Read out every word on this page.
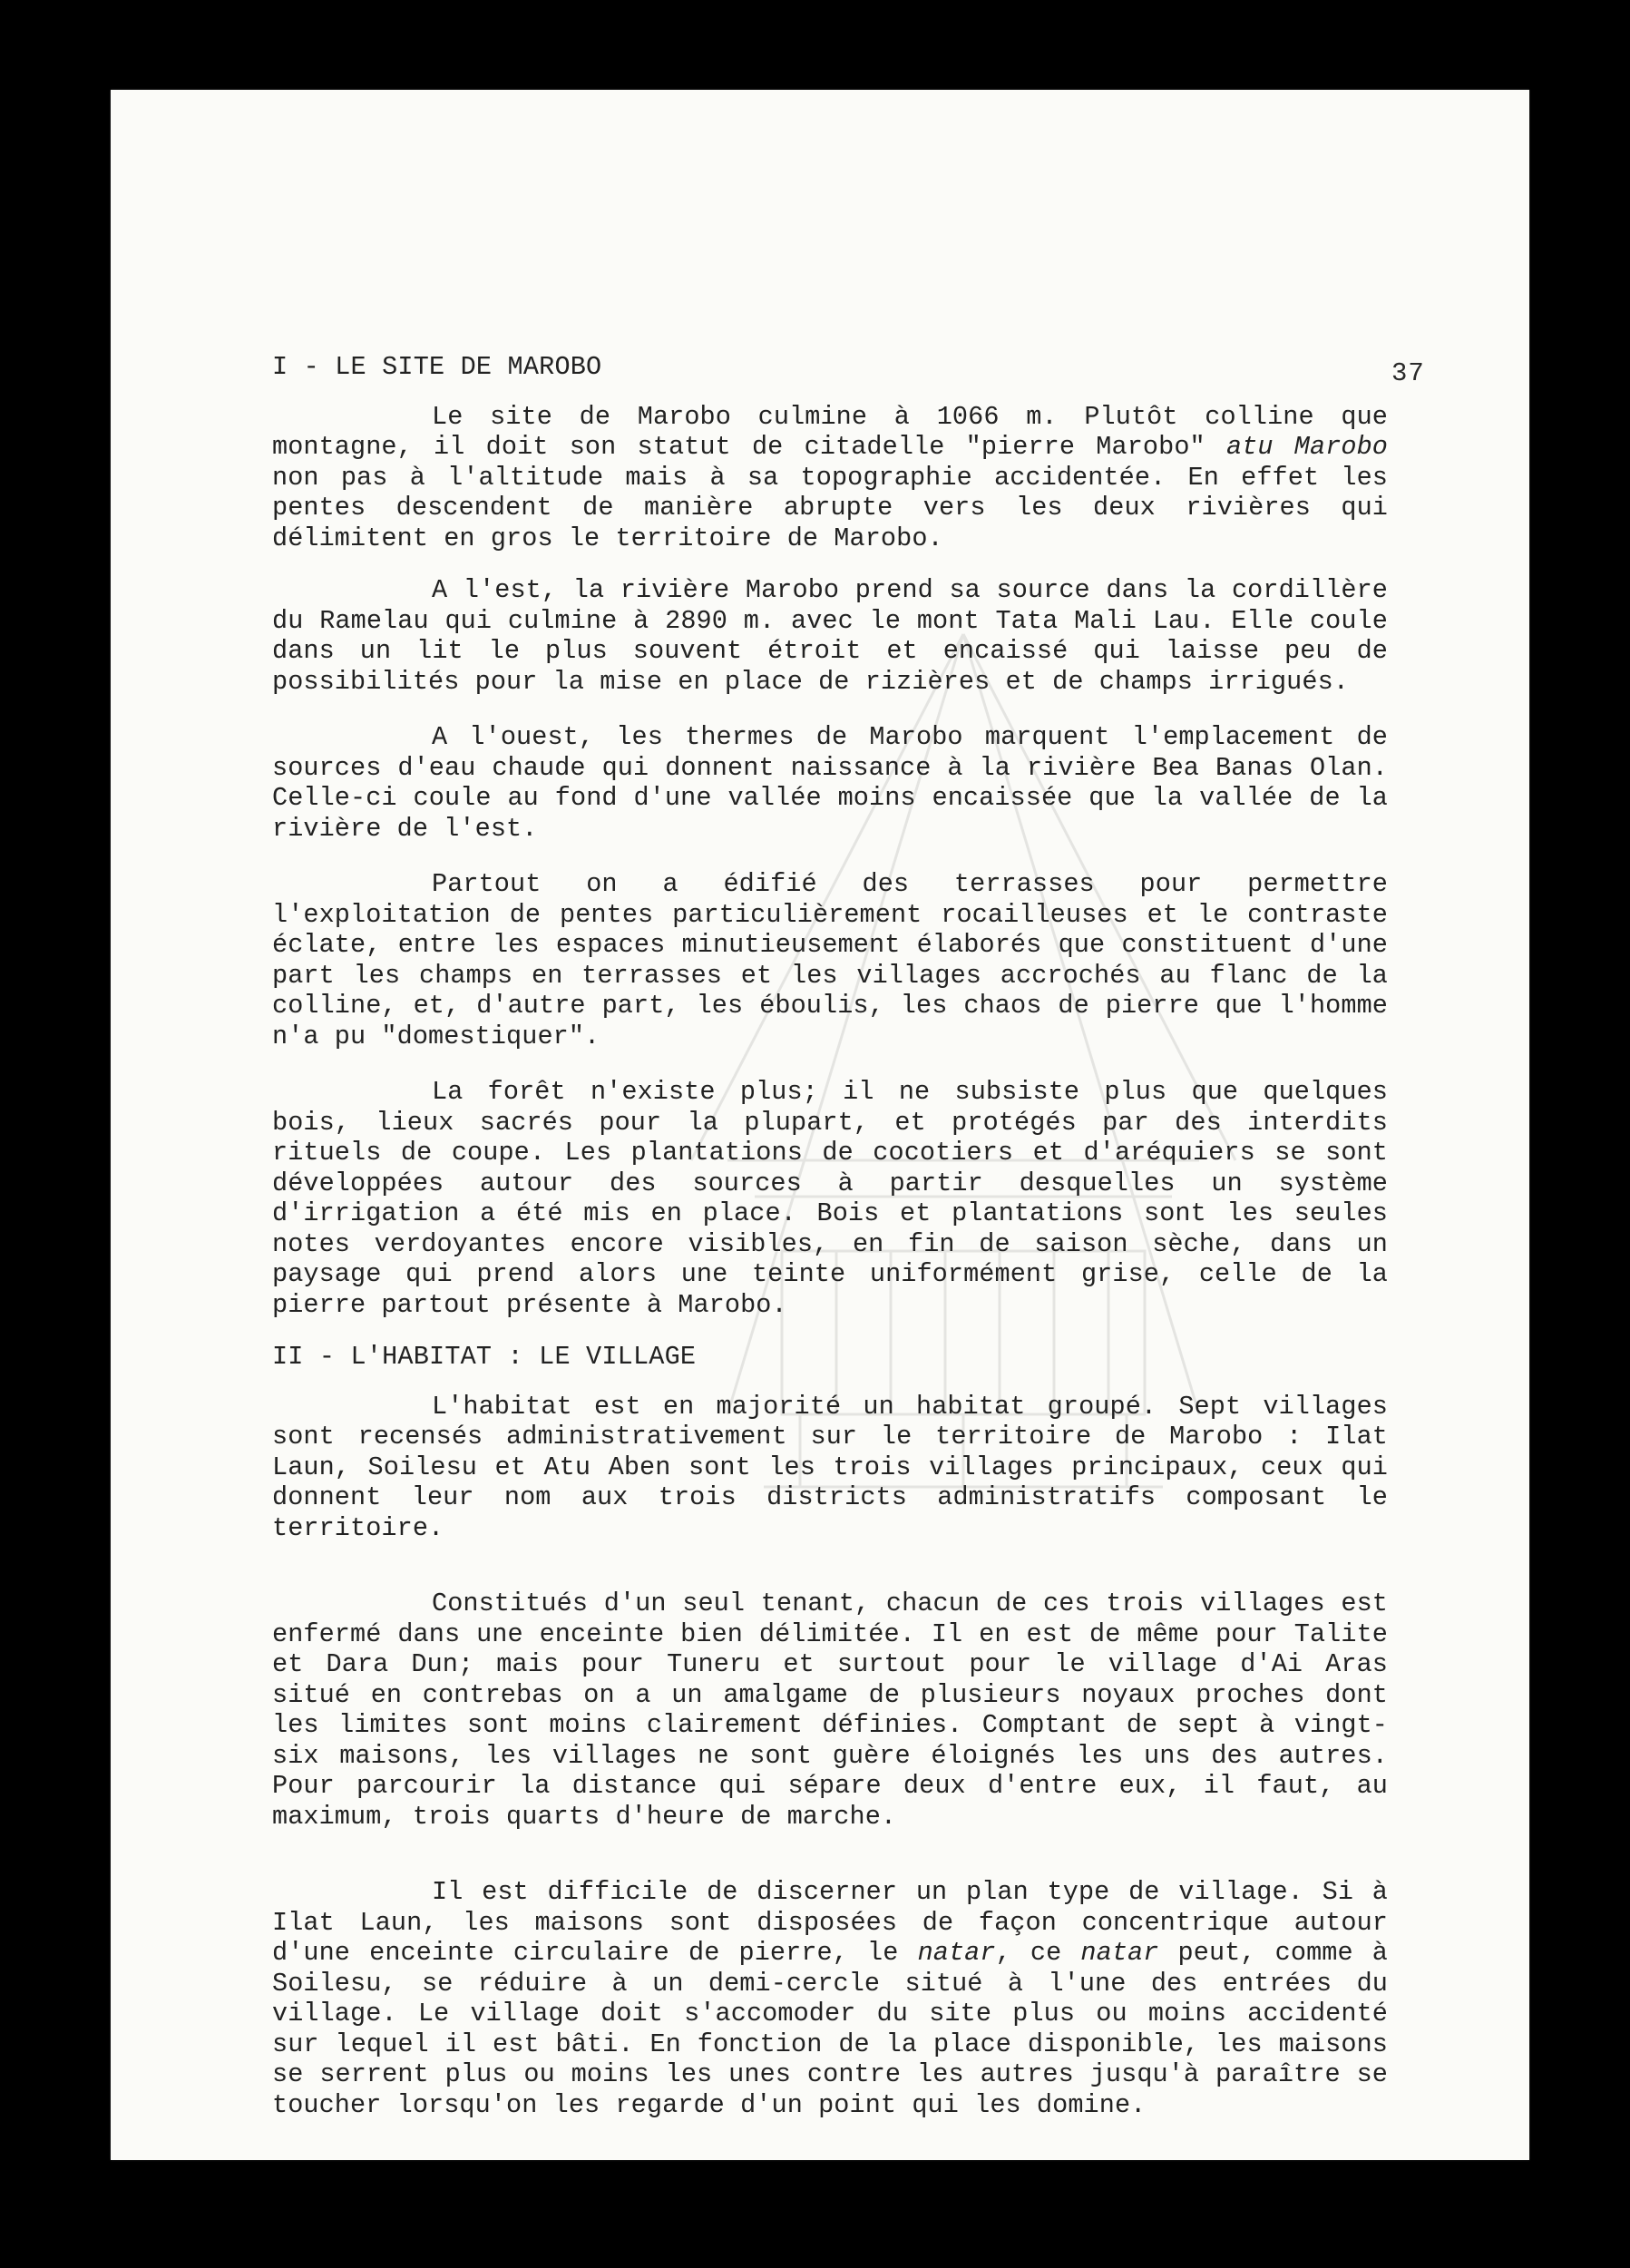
37
I - LE SITE DE MAROBO

Le site de Marobo culmine à 1066 m. Plutôt colline que montagne, il doit son statut de citadelle "pierre Marobo" atu Marobo non pas à l'altitude mais à sa topographie accidentée. En effet les pentes descendent de manière abrupte vers les deux rivières qui délimitent en gros le territoire de Marobo.

A l'est, la rivière Marobo prend sa source dans la cordillère du Ramelau qui culmine à 2890 m. avec le mont Tata Mali Lau. Elle coule dans un lit le plus souvent étroit et encaissé qui laisse peu de possibilités pour la mise en place de rizières et de champs irrigués.

A l'ouest, les thermes de Marobo marquent l'emplacement de sources d'eau chaude qui donnent naissance à la rivière Bea Banas Olan. Celle-ci coule au fond d'une vallée moins encaissée que la vallée de la rivière de l'est.

Partout on a édifié des terrasses pour permettre l'exploitation de pentes particulièrement rocailleuses et le contraste éclate, entre les espaces minutieusement élaborés que constituent d'une part les champs en terrasses et les villages accrochés au flanc de la colline, et, d'autre part, les éboulis, les chaos de pierre que l'homme n'a pu "domestiquer".

La forêt n'existe plus; il ne subsiste plus que quelques bois, lieux sacrés pour la plupart, et protégés par des interdits rituels de coupe. Les plantations de cocotiers et d'aréquiers se sont développées autour des sources à partir desquelles un système d'irrigation a été mis en place. Bois et plantations sont les seules notes verdoyantes encore visibles, en fin de saison sèche, dans un paysage qui prend alors une teinte uniformément grise, celle de la pierre partout présente à Marobo.

II - L'HABITAT : LE VILLAGE

L'habitat est en majorité un habitat groupé. Sept villages sont recensés administrativement sur le territoire de Marobo : Ilat Laun, Soilesu et Atu Aben sont les trois villages principaux, ceux qui donnent leur nom aux trois districts administratifs composant le territoire.

Constitués d'un seul tenant, chacun de ces trois villages est enfermé dans une enceinte bien délimitée. Il en est de même pour Talite et Dara Dun; mais pour Tuneru et surtout pour le village d'Ai Aras situé en contrebas on a un amalgame de plusieurs noyaux proches dont les limites sont moins clairement définies. Comptant de sept à vingt-six maisons, les villages ne sont guère éloignés les uns des autres. Pour parcourir la distance qui sépare deux d'entre eux, il faut, au maximum, trois quarts d'heure de marche.

Il est difficile de discerner un plan type de village. Si à Ilat Laun, les maisons sont disposées de façon concentrique autour d'une enceinte circulaire de pierre, le natar, ce natar peut, comme à Soilesu, se réduire à un demi-cercle situé à l'une des entrées du village. Le village doit s'accomoder du site plus ou moins accidenté sur lequel il est bâti. En fonction de la place disponible, les maisons se serrent plus ou moins les unes contre les autres jusqu'à paraître se toucher lorsqu'on les regarde d'un point qui les domine.
